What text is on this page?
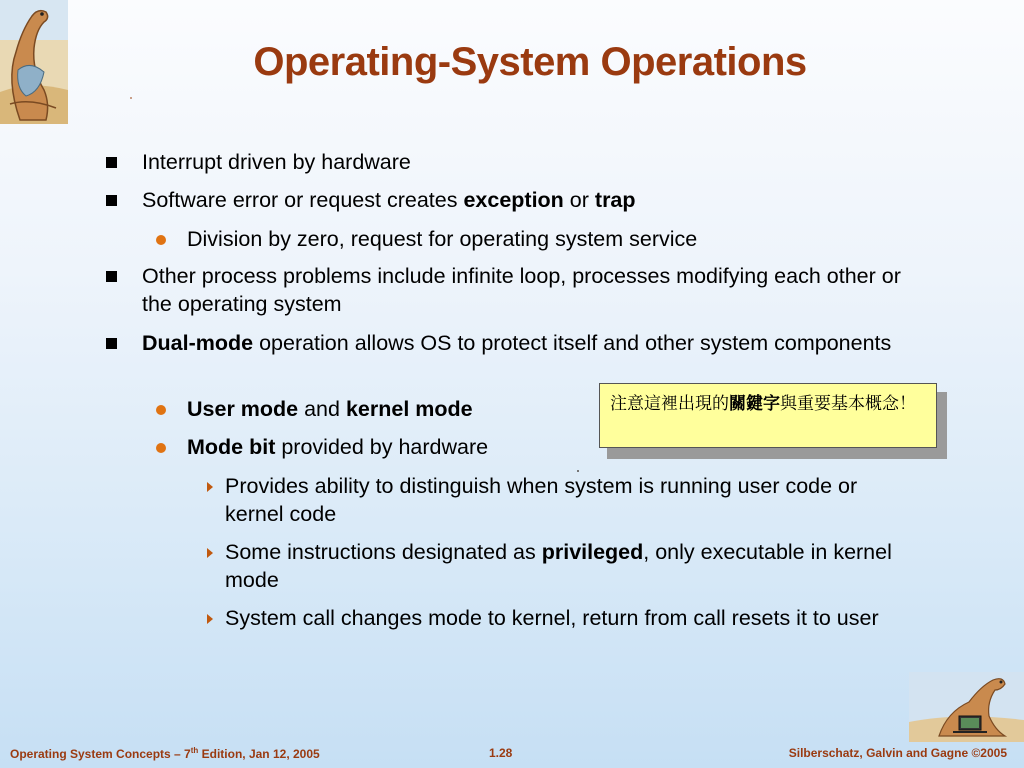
Operating-System Operations
Interrupt driven by hardware
Software error or request creates exception or trap
Division by zero, request for operating system service
Other process problems include infinite loop, processes modifying each other or the operating system
Dual-mode operation allows OS to protect itself and other system components
User mode and kernel mode
Mode bit provided by hardware
Provides ability to distinguish when system is running user code or kernel code
Some instructions designated as privileged, only executable in kernel mode
System call changes mode to kernel, return from call resets it to user
注意這裡出現的關鍵字與重要基本概念！
Operating System Concepts – 7th Edition, Jan 12, 2005	1.28	Silberschatz, Galvin and Gagne ©2005
